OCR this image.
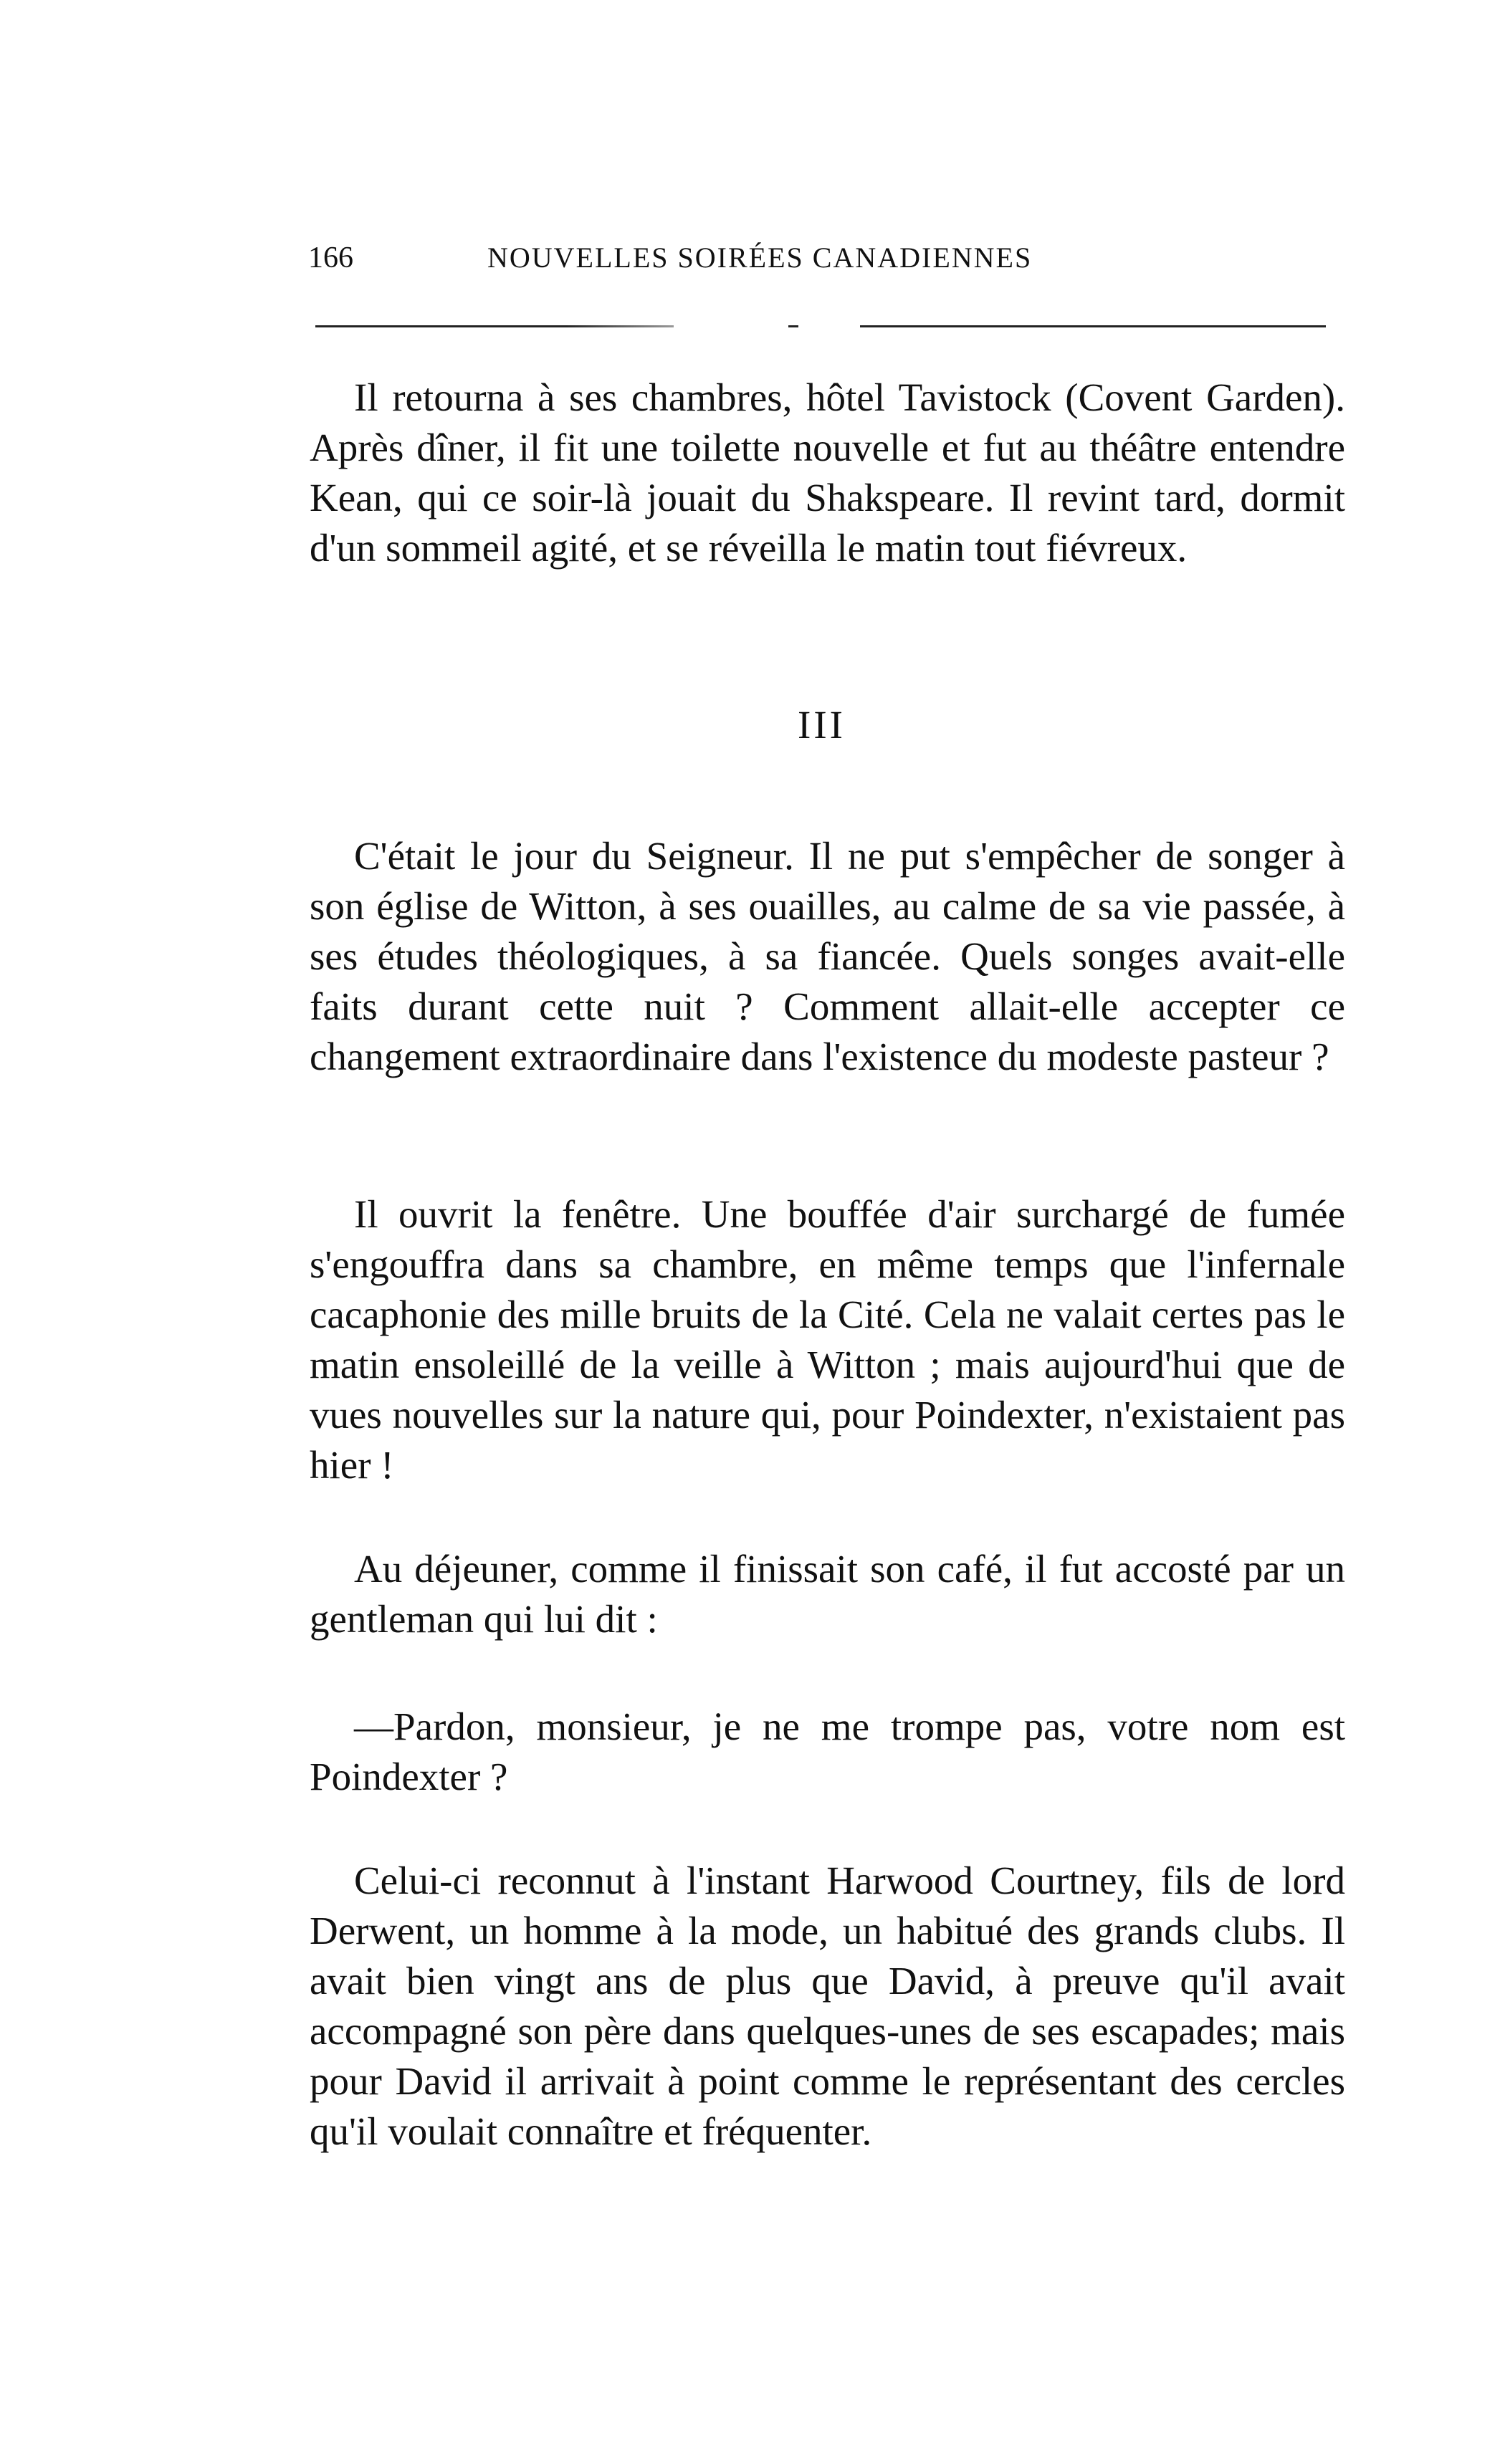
166	NOUVELLES SOIRÉES CANADIENNES

Il retourna à ses chambres, hôtel Tavistock (Covent Garden). Après dîner, il fit une toilette nouvelle et fut au théâtre entendre Kean, qui ce soir-là jouait du Shakspeare. Il revint tard, dormit d'un sommeil agité, et se réveilla le matin tout fiévreux.

III

C'était le jour du Seigneur. Il ne put s'empêcher de songer à son église de Witton, à ses ouailles, au calme de sa vie passée, à ses études théologiques, à sa fiancée. Quels songes avait-elle faits durant cette nuit ? Comment allait-elle accepter ce changement extraordinaire dans l'existence du modeste pasteur ?

Il ouvrit la fenêtre. Une bouffée d'air surchargé de fumée s'engouffra dans sa chambre, en même temps que l'infernale cacaphonie des mille bruits de la Cité. Cela ne valait certes pas le matin ensoleillé de la veille à Witton ; mais aujourd'hui que de vues nouvelles sur la nature qui, pour Poindexter, n'existaient pas hier !

Au déjeuner, comme il finissait son café, il fut accosté par un gentleman qui lui dit :

—Pardon, monsieur, je ne me trompe pas, votre nom est Poindexter ?

Celui-ci reconnut à l'instant Harwood Courtney, fils de lord Derwent, un homme à la mode, un habitué des grands clubs. Il avait bien vingt ans de plus que David, à preuve qu'il avait accompagné son père dans quelques-unes de ses escapades; mais pour David il arrivait à point comme le représentant des cercles qu'il voulait connaître et fréquenter.
